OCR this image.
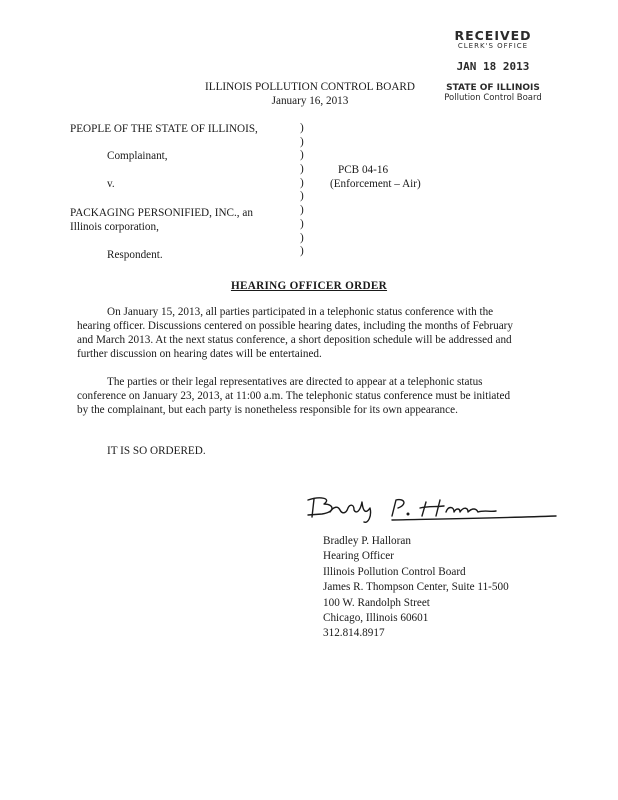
RECEIVED
CLERK'S OFFICE
JAN 18 2013
STATE OF ILLINOIS
Pollution Control Board
ILLINOIS POLLUTION CONTROL BOARD
January 16, 2013
PEOPLE OF THE STATE OF ILLINOIS,
Complainant,
v.
PACKAGING PERSONIFIED, INC., an
Illinois corporation,
Respondent.
)
)
)
)
)
)
)
)
)
)
PCB 04-16
(Enforcement – Air)
HEARING OFFICER ORDER

On January 15, 2013, all parties participated in a telephonic status conference with the hearing officer. Discussions centered on possible hearing dates, including the months of February and March 2013. At the next status conference, a short deposition schedule will be addressed and further discussion on hearing dates will be entertained.

The parties or their legal representatives are directed to appear at a telephonic status conference on January 23, 2013, at 11:00 a.m. The telephonic status conference must be initiated by the complainant, but each party is nonetheless responsible for its own appearance.

IT IS SO ORDERED.
Bradley P. Halloran
Hearing Officer
Illinois Pollution Control Board
James R. Thompson Center, Suite 11-500
100 W. Randolph Street
Chicago, Illinois 60601
312.814.8917
